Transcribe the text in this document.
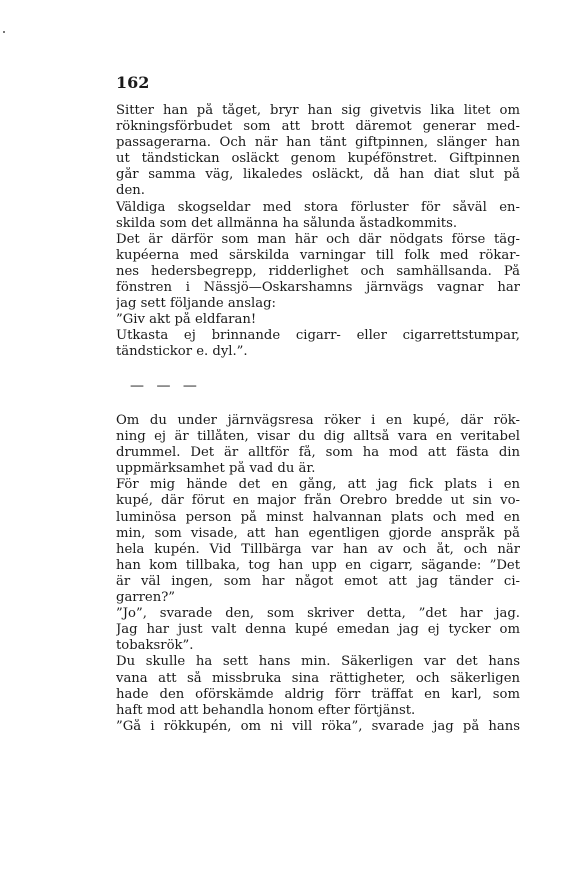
162

Sitter han på tåget, bryr han sig givetvis lika litet om
rökningsförbudet som att brott däremot generar med-
passagerarna. Och när han tänt giftpinnen, slänger han
ut tändstickan osläckt genom kupéfönstret. Giftpinnen
går samma väg, likaledes osläckt, då han diat slut på
den.
Väldiga skogseldar med stora förluster för såväl en-
skilda som det allmänna ha sålunda åstadkommits.
Det är därför som man här och där nödgats förse täg-
kupéerna med särskilda varningar till folk med rökar-
nes hedersbegrepp, ridderlighet och samhällsanda. På
fönstren i Nässjö—Oskarshamns järnvägs vagnar har
jag sett följande anslag:
”Giv akt på eldfaran!
Utkasta ej brinnande cigarr- eller cigarrettstumpar,
tändstickor e. dyl.”.

— — —

Om du under järnvägsresa röker i en kupé, där rök-
ning ej är tillåten, visar du dig alltså vara en veritabel
drummel. Det är alltför få, som ha mod att fästa din
uppmärksamhet på vad du är.
För mig hände det en gång, att jag fick plats i en
kupé, där förut en major från Örebro bredde ut sin vo-
luminösa person på minst halvannan plats och med en
min, som visade, att han egentligen gjorde anspråk på
hela kupén. Vid Tillbärga var han av och åt, och när
han kom tillbaka, tog han upp en cigarr, sägande: ”Det
är väl ingen, som har något emot att jag tänder ci-
garren?”
”Jo”, svarade den, som skriver detta, ”det har jag.
Jag har just valt denna kupé emedan jag ej tycker om
tobaksrök”.
Du skulle ha sett hans min. Säkerligen var det hans
vana att så missbruka sina rättigheter, och säkerligen
hade den oförskämde aldrig förr träffat en karl, som
haft mod att behandla honom efter förtjänst.
”Gå i rökkupén, om ni vill röka”, svarade jag på hans
